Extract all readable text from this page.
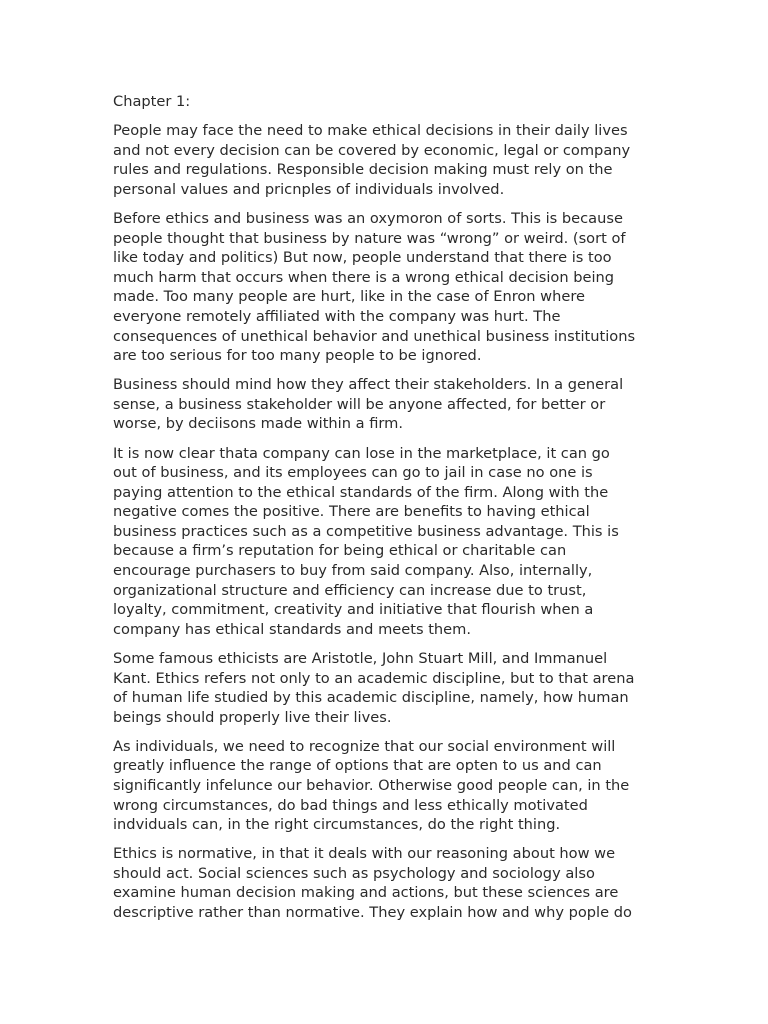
Chapter 1:

People may face the need to make ethical decisions in their daily lives
and not every decision can be covered by economic, legal or company
rules and regulations. Responsible decision making must rely on the
personal values and pricnples of individuals involved.

Before ethics and business was an oxymoron of sorts. This is because
people thought that business by nature was “wrong” or weird. (sort of
like today and politics) But now, people understand that there is too
much harm that occurs when there is a wrong ethical decision being
made. Too many people are hurt, like in the case of Enron where
everyone remotely affiliated with the company was hurt. The
consequences of unethical behavior and unethical business institutions
are too serious for too many people to be ignored.

Business should mind how they affect their stakeholders. In a general
sense, a business stakeholder will be anyone affected, for better or
worse, by deciisons made within a firm.

It is now clear thata company can lose in the marketplace, it can go
out of business, and its employees can go to jail in case no one is
paying attention to the ethical standards of the firm. Along with the
negative comes the positive. There are benefits to having ethical
business practices such as a competitive business advantage. This is
because a firm’s reputation for being ethical or charitable can
encourage purchasers to buy from said company. Also, internally,
organizational structure and efficiency can increase due to trust,
loyalty, commitment, creativity and initiative that flourish when a
company has ethical standards and meets them.

Some famous ethicists are Aristotle, John Stuart Mill, and Immanuel
Kant. Ethics refers not only to an academic discipline, but to that arena
of human life studied by this academic discipline, namely, how human
beings should properly live their lives.

As individuals, we need to recognize that our social environment will
greatly influence the range of options that are opten to us and can
significantly infelunce our behavior. Otherwise good people can, in the
wrong circumstances, do bad things and less ethically motivated
indviduals can, in the right circumstances, do the right thing.

Ethics is normative, in that it deals with our reasoning about how we
should act. Social sciences such as psychology and sociology also
examine human decision making and actions, but these sciences are
descriptive rather than normative. They explain how and why pople do
